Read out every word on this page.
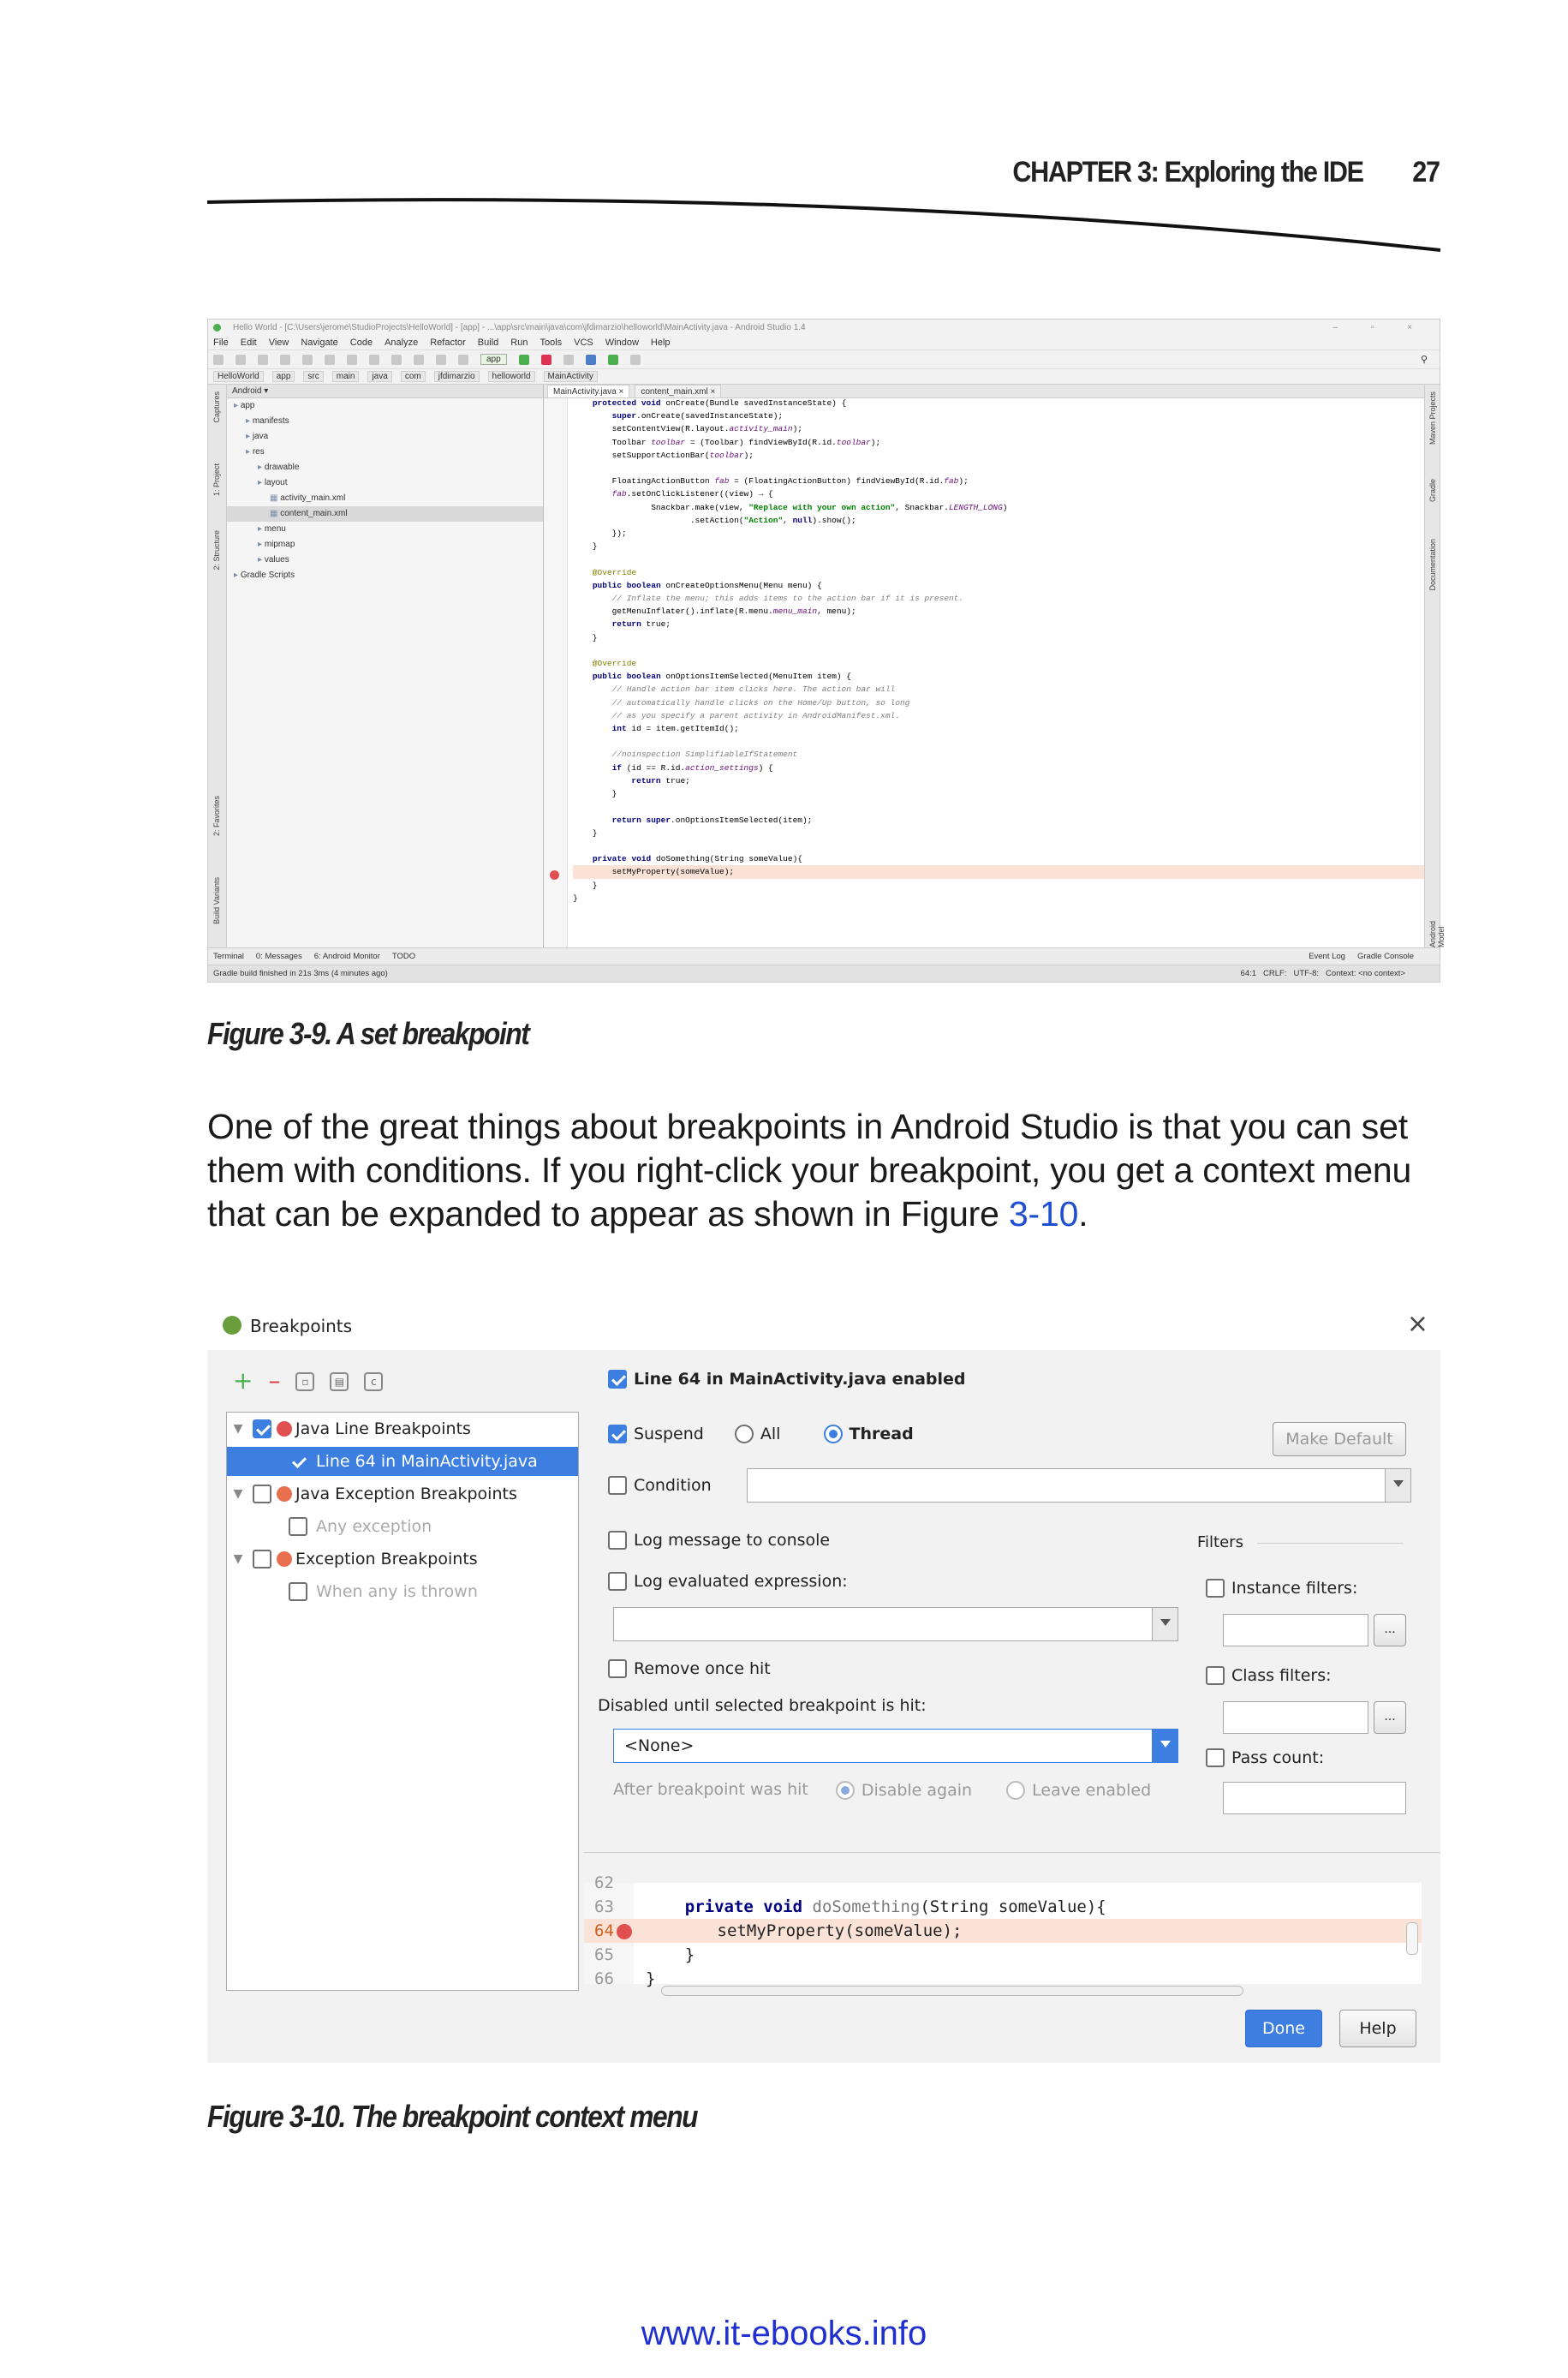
CHAPTER 3: Exploring the IDE 27
Hello World - [C:\Users\jerome\StudioProjects\HelloWorld] - [app] - ...\app\src\main\java\com\jfdimarzio\helloworld\MainActivity.java - Android Studio 1.4	– ▫ ×
File Edit View Navigate Code Analyze Refactor Build Run Tools VCS Window Help
app	⚲
HelloWorld	app	src	main	java	com	jfdimarzio	helloworld	MainActivity
Captures
1: Project
2: Structure
2: Favorites
Build Variants
Android ▾
▸ app
▸ manifests
▸ java
▸ res
▸ drawable
▸ layout
▦ activity_main.xml
▦ content_main.xml
▸ menu
▸ mipmap
▸ values
▸ Gradle Scripts
MainActivity.java ×	content_main.xml ×
protected void onCreate(Bundle savedInstanceState) {
super.onCreate(savedInstanceState);
setContentView(R.layout.activity_main);
Toolbar toolbar = (Toolbar) findViewById(R.id.toolbar);
setSupportActionBar(toolbar);

FloatingActionButton fab = (FloatingActionButton) findViewById(R.id.fab);
fab.setOnClickListener((view) → {
Snackbar.make(view, "Replace with your own action", Snackbar.LENGTH_LONG)
.setAction("Action", null).show();
});
}

@Override
public boolean onCreateOptionsMenu(Menu menu) {
// Inflate the menu; this adds items to the action bar if it is present.
getMenuInflater().inflate(R.menu.menu_main, menu);
return true;
}

@Override
public boolean onOptionsItemSelected(MenuItem item) {
// Handle action bar item clicks here. The action bar will
// automatically handle clicks on the Home/Up button, so long
// as you specify a parent activity in AndroidManifest.xml.
int id = item.getItemId();

//noinspection SimplifiableIfStatement
if (id == R.id.action_settings) {
return true;
}

return super.onOptionsItemSelected(item);
}

private void doSomething(String someValue){
setMyProperty(someValue);
}
}
Maven Projects
Gradle
Documentation
Android Model
Terminal 0: Messages 6: Android Monitor TODO	Event Log Gradle Console
Gradle build finished in 21s 3ms (4 minutes ago)	64:1 CRLF: UTF-8: Context: <no context>
Figure 3-9. A set breakpoint
One of the great things about breakpoints in Android Studio is that you can set them with conditions. If you right-click your breakpoint, you get a context menu that can be expanded to appear as shown in Figure 3-10.
Breakpoints	×
+ –	▫	▤	c
▼	Java Line Breakpoints
Line 64 in MainActivity.java
▼	Java Exception Breakpoints
Any exception
▼	Exception Breakpoints
When any is thrown
Line 64 in MainActivity.java enabled
Suspend	All	Thread	Make Default
Condition
Log message to console	Filters
Log evaluated expression:	Instance filters:
...
Remove once hit	Class filters:
Disabled until selected breakpoint is hit:
...
<None>
Pass count:
After breakpoint was hit	Disable again	Leave enabled
62
63	private void doSomething(String someValue){
64        setMyProperty(someValue);
65    }
66 }
Done	Help
Figure 3-10. The breakpoint context menu
www.it-ebooks.info
